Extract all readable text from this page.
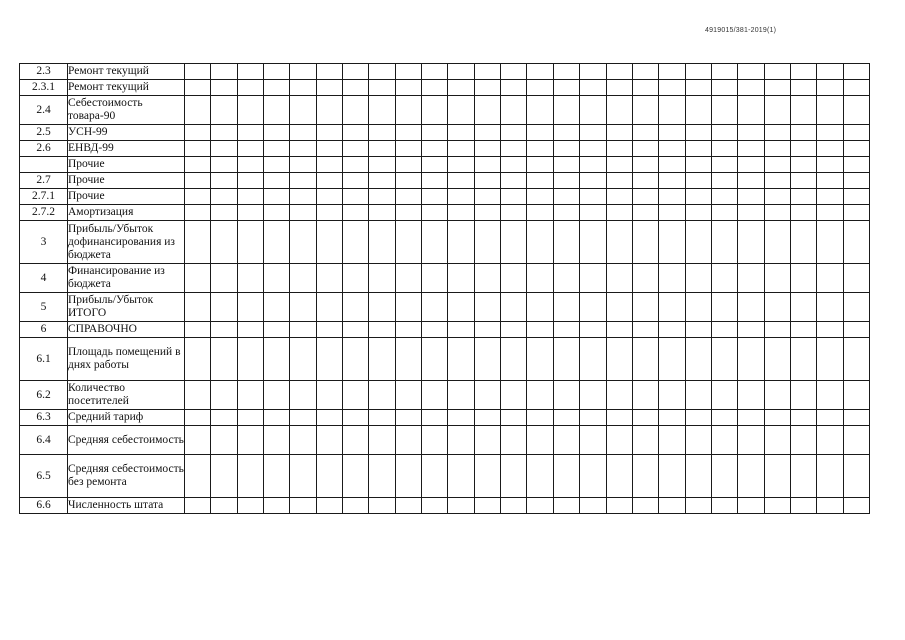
4919015/381-2019(1)
2.3	Ремонт текущий																										
2.3.1	Ремонт текущий																										
2.4	Себестоимость товара-90																										
2.5	УСН-99																										
2.6	ЕНВД-99																										
	Прочие																										
2.7	Прочие																										
2.7.1	Прочие																										
2.7.2	Амортизация																										
3	Прибыль/Убыток дофинансирования из бюджета																										
4	Финансирование из бюджета																										
5	Прибыль/Убыток ИТОГО																										
6	СПРАВОЧНО																										
6.1	Площадь помещений в днях работы																										
6.2	Количество посетителей																										
6.3	Средний тариф																										
6.4	Средняя себестоимость																										
6.5	Средняя себестоимость без ремонта																										
6.6	Численность штата																										
